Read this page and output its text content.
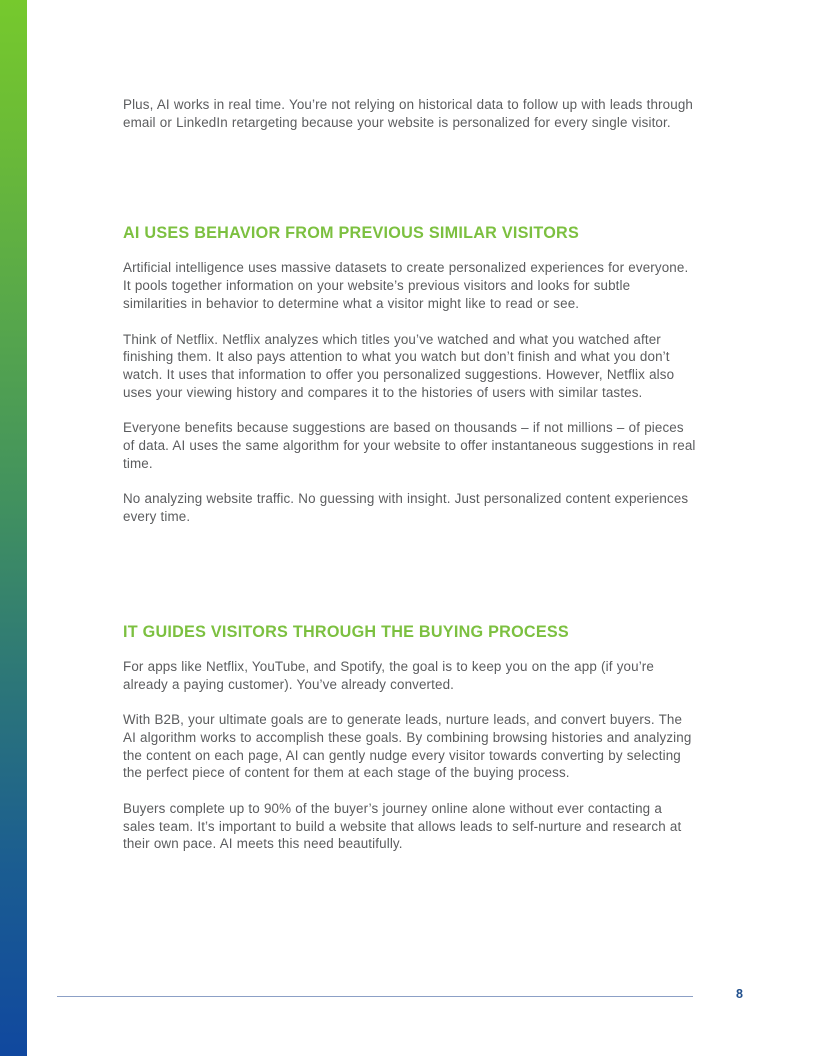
Plus, AI works in real time. You’re not relying on historical data to follow up with leads through email or LinkedIn retargeting because your website is personalized for every single visitor.

AI USES BEHAVIOR FROM PREVIOUS SIMILAR VISITORS

Artificial intelligence uses massive datasets to create personalized experiences for everyone. It pools together information on your website’s previous visitors and looks for subtle similarities in behavior to determine what a visitor might like to read or see.

Think of Netflix. Netflix analyzes which titles you’ve watched and what you watched after finishing them. It also pays attention to what you watch but don’t finish and what you don’t watch. It uses that information to offer you personalized suggestions. However, Netflix also uses your viewing history and compares it to the histories of users with similar tastes.

Everyone benefits because suggestions are based on thousands – if not millions – of pieces of data. AI uses the same algorithm for your website to offer instantaneous suggestions in real time.

No analyzing website traffic. No guessing with insight. Just personalized content experiences every time.

IT GUIDES VISITORS THROUGH THE BUYING PROCESS

For apps like Netflix, YouTube, and Spotify, the goal is to keep you on the app (if you’re already a paying customer). You’ve already converted.

With B2B, your ultimate goals are to generate leads, nurture leads, and convert buyers. The AI algorithm works to accomplish these goals. By combining browsing histories and analyzing the content on each page, AI can gently nudge every visitor towards converting by selecting the perfect piece of content for them at each stage of the buying process.

Buyers complete up to 90% of the buyer’s journey online alone without ever contacting a sales team. It’s important to build a website that allows leads to self-nurture and research at their own pace. AI meets this need beautifully.

8
